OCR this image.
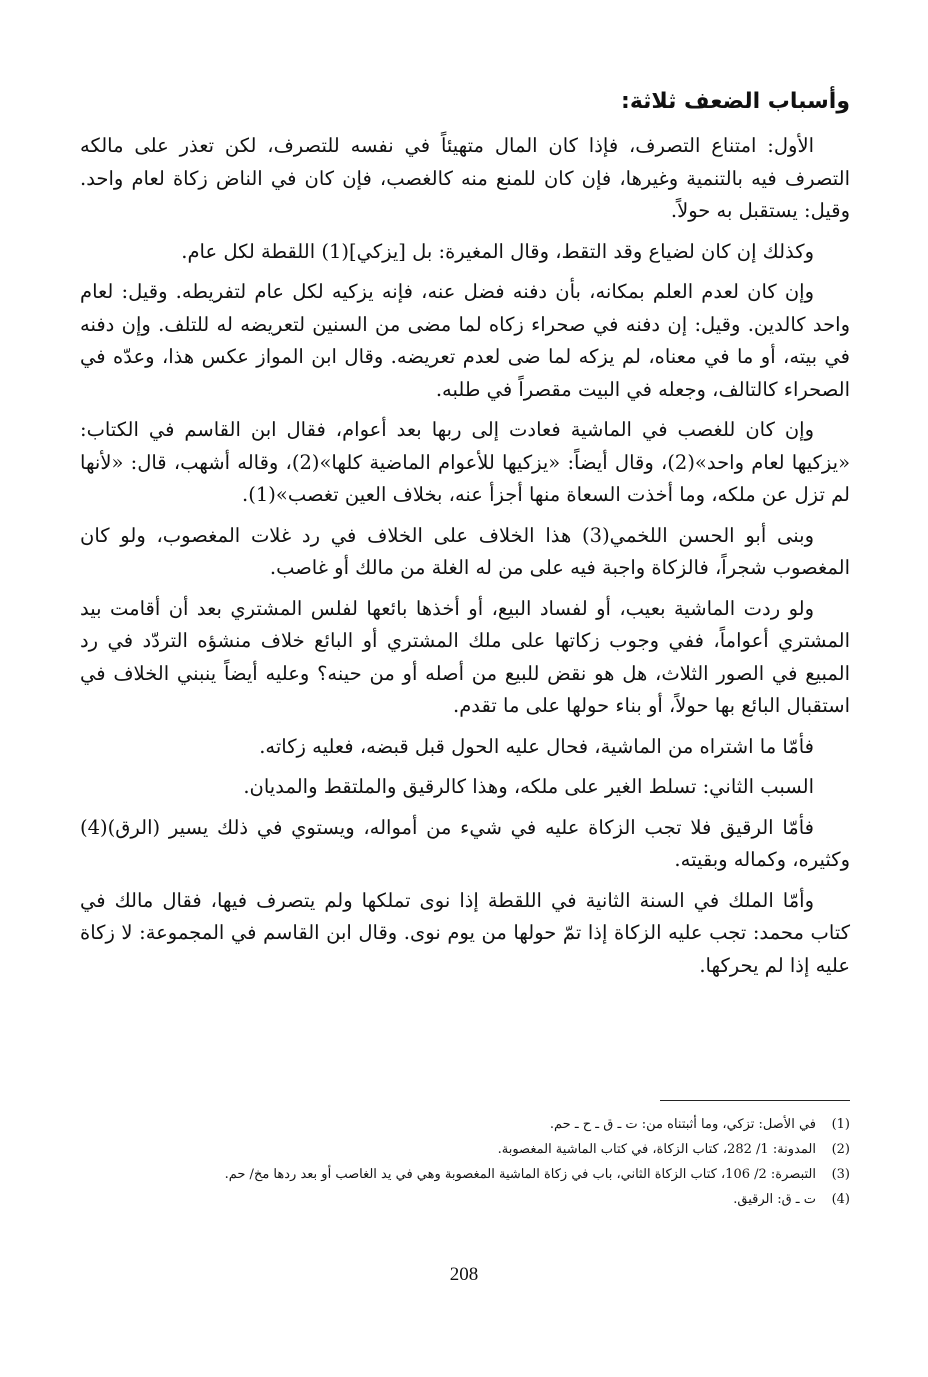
وأسباب الضعف ثلاثة:

الأول: امتناع التصرف، فإذا كان المال متهيئاً في نفسه للتصرف، لكن تعذر على مالكه التصرف فيه بالتنمية وغيرها، فإن كان للمنع منه كالغصب، فإن كان في الناض زكاة لعام واحد. وقيل: يستقبل به حولاً.

وكذلك إن كان لضياع وقد التقط، وقال المغيرة: بل [يزكي](1) اللقطة لكل عام.

وإن كان لعدم العلم بمكانه، بأن دفنه فضل عنه، فإنه يزكيه لكل عام لتفريطه. وقيل: لعام واحد كالدين. وقيل: إن دفنه في صحراء زكاه لما مضى من السنين لتعريضه له للتلف. وإن دفنه في بيته، أو ما في معناه، لم يزكه لما ضى لعدم تعريضه. وقال ابن المواز عكس هذا، وعدّه في الصحراء كالتالف، وجعله في البيت مقصراً في طلبه.

وإن كان للغصب في الماشية فعادت إلى ربها بعد أعوام، فقال ابن القاسم في الكتاب: «يزكيها لعام واحد»(2)، وقال أيضاً: «يزكيها للأعوام الماضية كلها»(2)، وقاله أشهب، قال: «لأنها لم تزل عن ملكه، وما أخذت السعاة منها أجزأ عنه، بخلاف العين تغصب»(1).

وبنى أبو الحسن اللخمي(3) هذا الخلاف على الخلاف في رد غلات المغصوب، ولو كان المغصوب شجراً، فالزكاة واجبة فيه على من له الغلة من مالك أو غاصب.

ولو ردت الماشية بعيب، أو لفساد البيع، أو أخذها بائعها لفلس المشتري بعد أن أقامت بيد المشتري أعواماً، ففي وجوب زكاتها على ملك المشتري أو البائع خلاف منشؤه التردّد في رد المبيع في الصور الثلاث، هل هو نقض للبيع من أصله أو من حينه؟ وعليه أيضاً ينبني الخلاف في استقبال البائع بها حولاً، أو بناء حولها على ما تقدم.

فأمّا ما اشتراه من الماشية، فحال عليه الحول قبل قبضه، فعليه زكاته.

السبب الثاني: تسلط الغير على ملكه، وهذا كالرقيق والملتقط والمديان.

فأمّا الرقيق فلا تجب الزكاة عليه في شيء من أمواله، ويستوي في ذلك يسير (الرق)(4) وكثيره، وكماله وبقيته.

وأمّا الملك في السنة الثانية في اللقطة إذا نوى تملكها ولم يتصرف فيها، فقال مالك في كتاب محمد: تجب عليه الزكاة إذا تمّ حولها من يوم نوى. وقال ابن القاسم في المجموعة: لا زكاة عليه إذا لم يحركها.

(1)
في الأصل: تزكي، وما أثبتناه من: ت ـ ق ـ ح ـ حم.
(2)
المدونة: 1/ 282، كتاب الزكاة، في كتاب الماشية المغصوبة.
(3)
التبصرة: 2/ 106، كتاب الزكاة الثاني، باب في زكاة الماشية المغصوبة وهي في يد الغاصب أو بعد ردها مخ/ حم.
(4)
ت ـ ق: الرقيق.
208
